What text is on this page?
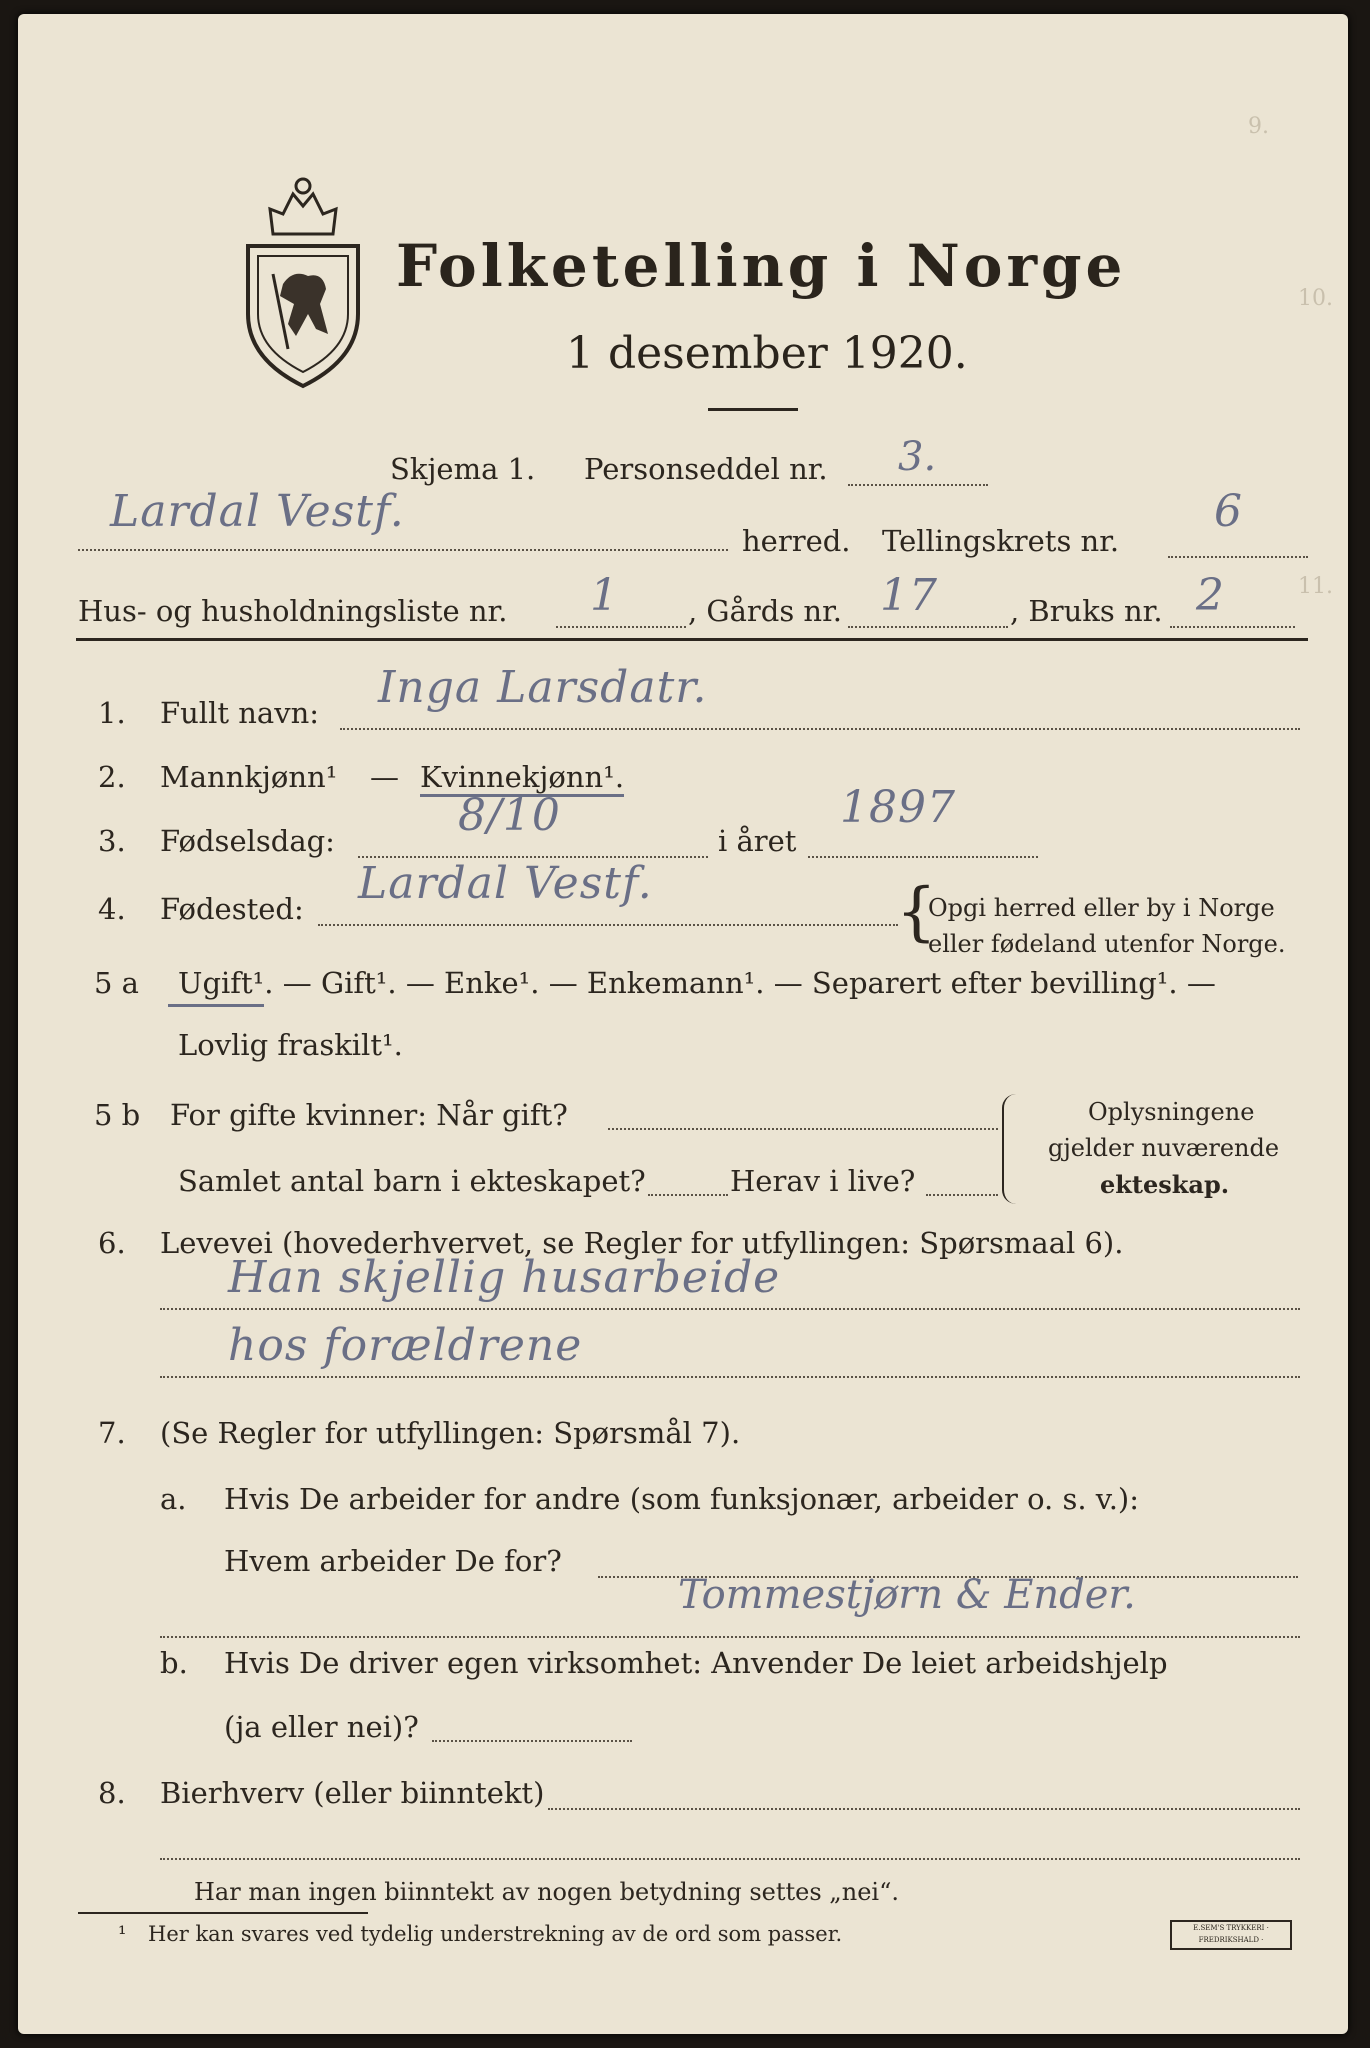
Folketelling i Norge
1 desember 1920.
9.
10.
11.
Skjema 1. Personseddel nr. 3.
Lardal Vestf.
herred. Tellingskrets nr.
6
Hus- og husholdningsliste nr. 1 , Gårds nr. 17 , Bruks nr. 2
1. Fullt navn: Inga Larsdatr.
2. Mannkjønn¹ — Kvinnekjønn¹.
3. Fødselsdag:	8/10	i året
1897
4. Fødested: Lardal Vestf.	{
Opgi herred eller by i Norge
eller fødeland utenfor Norge.
5 a Ugift¹. — Gift¹. — Enke¹. — Enkemann¹. — Separert efter bevilling¹. —
Lovlig fraskilt¹.
5 b For gifte kvinner: Når gift?
Samlet antal barn i ekteskapet?	Herav i live?
Oplysningene
gjelder nuværende
ekteskap.
6. Levevei (hovederhvervet, se Regler for utfyllingen: Spørsmaal 6).
Han skjellig husarbeide
hos forældrene
7. (Se Regler for utfyllingen: Spørsmål 7).
a. Hvis De arbeider for andre (som funksjonær, arbeider o. s. v.):
Hvem arbeider De for?
Tommestjørn & Ender.
b. Hvis De driver egen virksomhet: Anvender De leiet arbeidshjelp
(ja eller nei)?
8. Bierhverv (eller biinntekt)
Har man ingen biinntekt av nogen betydning settes „nei“.
¹ Her kan svares ved tydelig understrekning av de ord som passer.	E.SEM'S TRYKKERI · FREDRIKSHALD ·
